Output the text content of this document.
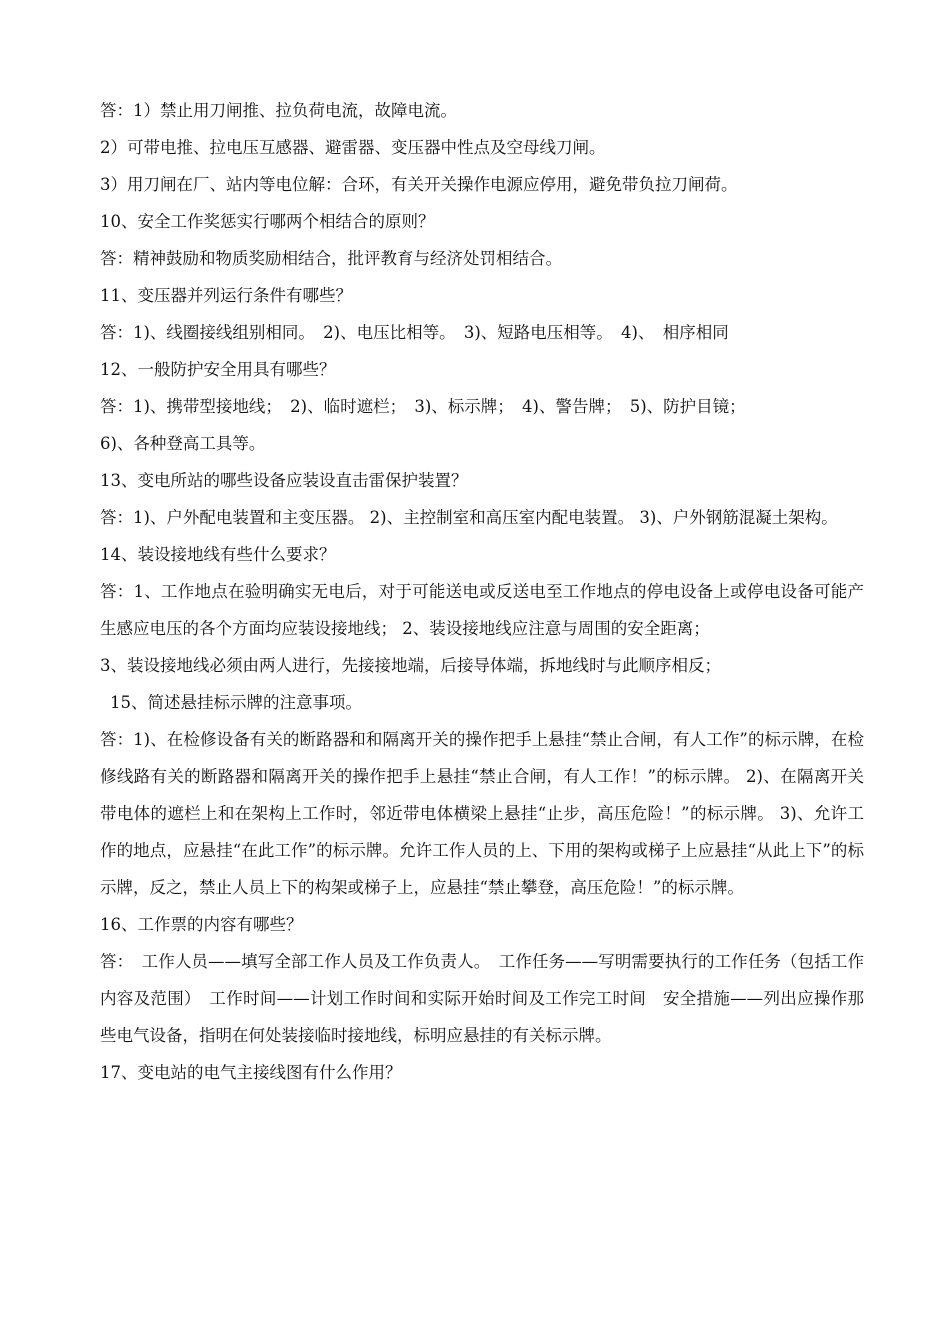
答：1）禁止用刀闸推、拉负荷电流，故障电流。

2）可带电推、拉电压互感器、避雷器、变压器中性点及空母线刀闸。

3）用刀闸在厂、站内等电位解：合环，有关开关操作电源应停用，避免带负拉刀闸荷。

10、安全工作奖惩实行哪两个相结合的原则？

答：精神鼓励和物质奖励相结合，批评教育与经济处罚相结合。

11、变压器并列运行条件有哪些？

答：1)、线圈接线组别相同。　2)、电压比相等。　3)、短路电压相等。　4)、　相序相同

12、一般防护安全用具有哪些？

答：1)、携带型接地线；　2)、临时遮栏；　3)、标示牌；　4)、警告牌；　5)、防护目镜；

6)、各种登高工具等。

13、变电所站的哪些设备应装设直击雷保护装置？

答：1)、户外配电装置和主变压器。 2)、主控制室和高压室内配电装置。 3)、户外钢筋混凝土架构。

14、装设接地线有些什么要求？

答：1、工作地点在验明确实无电后，对于可能送电或反送电至工作地点的停电设备上或停电设备可能产生感应电压的各个方面均应装设接地线； 2、装设接地线应注意与周围的安全距离；

3、装设接地线必须由两人进行，先接接地端，后接导体端，拆地线时与此顺序相反；

15、简述悬挂标示牌的注意事项。

答：1)、在检修设备有关的断路器和和隔离开关的操作把手上悬挂“禁止合闸，有人工作”的标示牌，在检修线路有关的断路器和隔离开关的操作把手上悬挂“禁止合闸，有人工作！”的标示牌。 2)、在隔离开关带电体的遮栏上和在架构上工作时，邻近带电体横梁上悬挂“止步，高压危险！”的标示牌。 3)、允许工作的地点，应悬挂“在此工作”的标示牌。允许工作人员的上、下用的架构或梯子上应悬挂“从此上下”的标示牌，反之，禁止人员上下的构架或梯子上，应悬挂“禁止攀登，高压危险！”的标示牌。

16、工作票的内容有哪些？

答：　工作人员——填写全部工作人员及工作负责人。　工作任务——写明需要执行的工作任务（包括工作内容及范围）　工作时间——计划工作时间和实际开始时间及工作完工时间　安全措施——列出应操作那些电气设备，指明在何处装接临时接地线，标明应悬挂的有关标示牌。

17、变电站的电气主接线图有什么作用？
